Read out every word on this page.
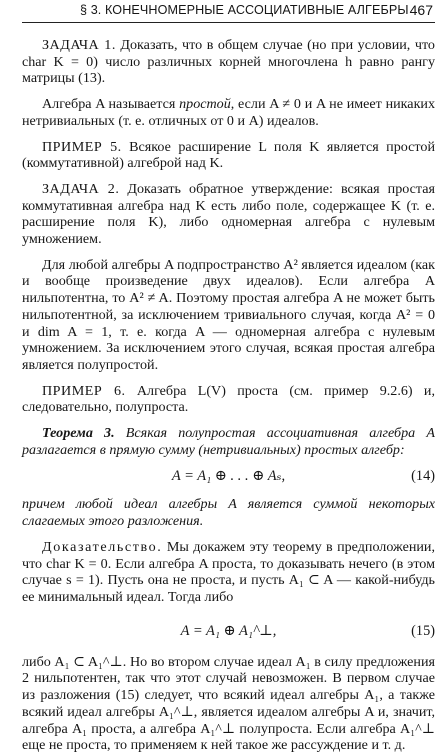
§ 3. КОНЕЧНОМЕРНЫЕ АССОЦИАТИВНЫЕ АЛГЕБРЫ 467

ЗАДАЧА 1. Доказать, что в общем случае (но при условии, что char K = 0) число различных корней многочлена h равно рангу матрицы (13).

Алгебра A называется простой, если A ≠ 0 и A не имеет никаких нетривиальных (т. е. отличных от 0 и A) идеалов.

ПРИМЕР 5. Всякое расширение L поля K является простой (коммутативной) алгеброй над K.

ЗАДАЧА 2. Доказать обратное утверждение: всякая простая коммутативная алгебра над K есть либо поле, содержащее K (т. е. расширение поля K), либо одномерная алгебра с нулевым умножением.

Для любой алгебры A подпространство A² является идеалом (как и вообще произведение двух идеалов). Если алгебра A нильпотентна, то A² ≠ A. Поэтому простая алгебра A не может быть нильпотентной, за исключением тривиального случая, когда A² = 0 и dim A = 1, т. е. когда A — одномерная алгебра с нулевым умножением. За исключением этого случая, всякая простая алгебра является полупростой.

ПРИМЕР 6. Алгебра L(V) проста (см. пример 9.2.6) и, следовательно, полупроста.

Теорема 3. Всякая полупростая ассоциативная алгебра A разлагается в прямую сумму (нетривиальных) простых алгебр:

A = A₁ ⊕ . . . ⊕ Aₛ,	(14)

причем любой идеал алгебры A является суммой некоторых слагаемых этого разложения.

Доказательство. Мы докажем эту теорему в предположении, что char K = 0. Если алгебра A проста, то доказывать нечего (в этом случае s = 1). Пусть она не проста, и пусть A₁ ⊂ A — какой-нибудь ее минимальный идеал. Тогда либо

A = A₁ ⊕ A₁^⊥,	(15)

либо A₁ ⊂ A₁^⊥. Но во втором случае идеал A₁ в силу предложения 2 нильпотентен, так что этот случай невозможен. В первом случае из разложения (15) следует, что всякий идеал алгебры A₁, а также всякий идеал алгебры A₁^⊥, является идеалом алгебры A и, значит, алгебра A₁ проста, а алгебра A₁^⊥ полупроста. Если алгебра A₁^⊥ еще не проста, то применяем к ней такое же рассуждение и т. д.
